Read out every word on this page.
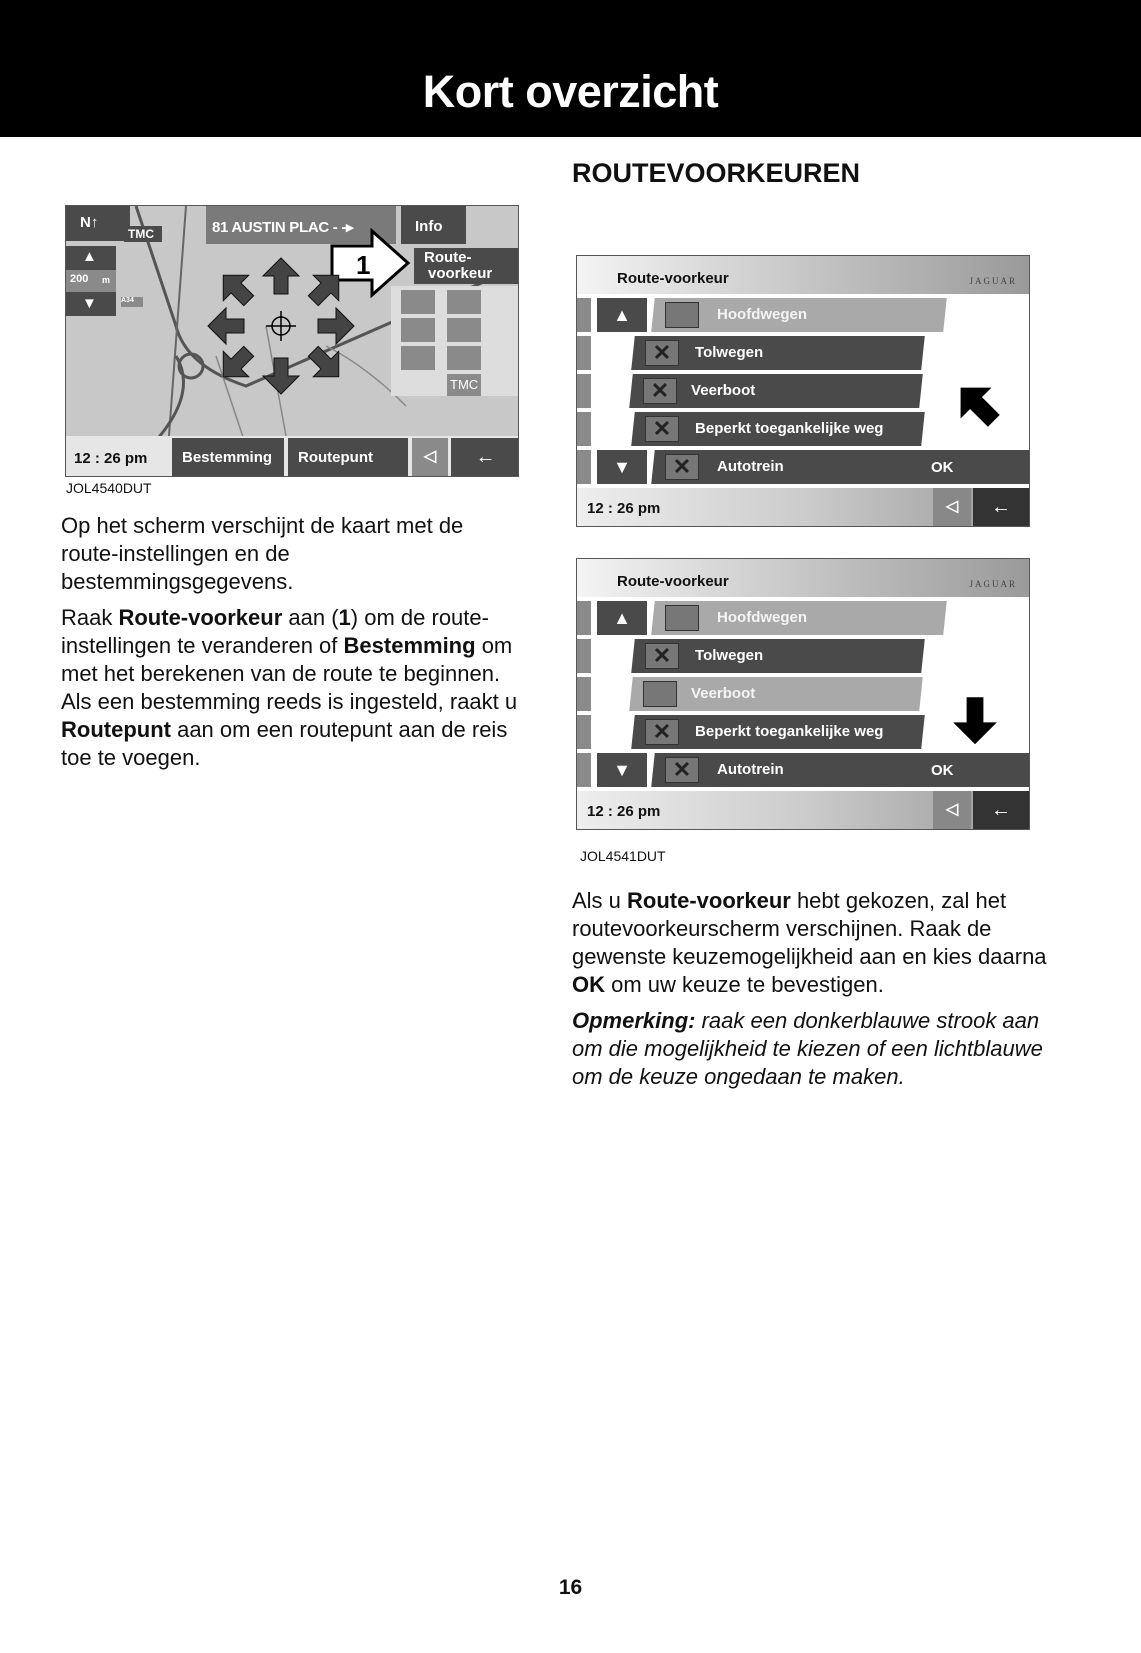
Kort overzicht
ROUTEVOORKEUREN
N↑
TMC
▲
200 m
▼	A34
81 AUSTIN PLAC - -▸	Info
Route-
voorkeur
1
TMC
12 : 26 pm Bestemming Routepunt	◁	←
JOL4540DUT
Op het scherm verschijnt de kaart met de route-instellingen en de bestemmingsgegevens.
Raak Route-voorkeur aan (1) om de route-instellingen te veranderen of Bestemming om met het berekenen van de route te beginnen. Als een bestemming reeds is ingesteld, raakt u Routepunt aan om een routepunt aan de reis toe te voegen.
Route-voorkeur	JAGUAR
▲	Hoofdwegen
✕	Tolwegen
✕	Veerboot
✕	Beperkt toegankelijke weg
▼	✕	Autotrein	OK
12 : 26 pm	◁	←
Route-voorkeur	JAGUAR
▲	Hoofdwegen
✕	Tolwegen
Veerboot
✕	Beperkt toegankelijke weg
▼	✕	Autotrein	OK
12 : 26 pm	◁	←
JOL4541DUT
Als u Route-voorkeur hebt gekozen, zal het routevoorkeurscherm verschijnen. Raak de gewenste keuzemogelijkheid aan en kies daarna OK om uw keuze te bevestigen.
Opmerking: raak een donkerblauwe strook aan om die mogelijkheid te kiezen of een lichtblauwe om de keuze ongedaan te maken.
16
